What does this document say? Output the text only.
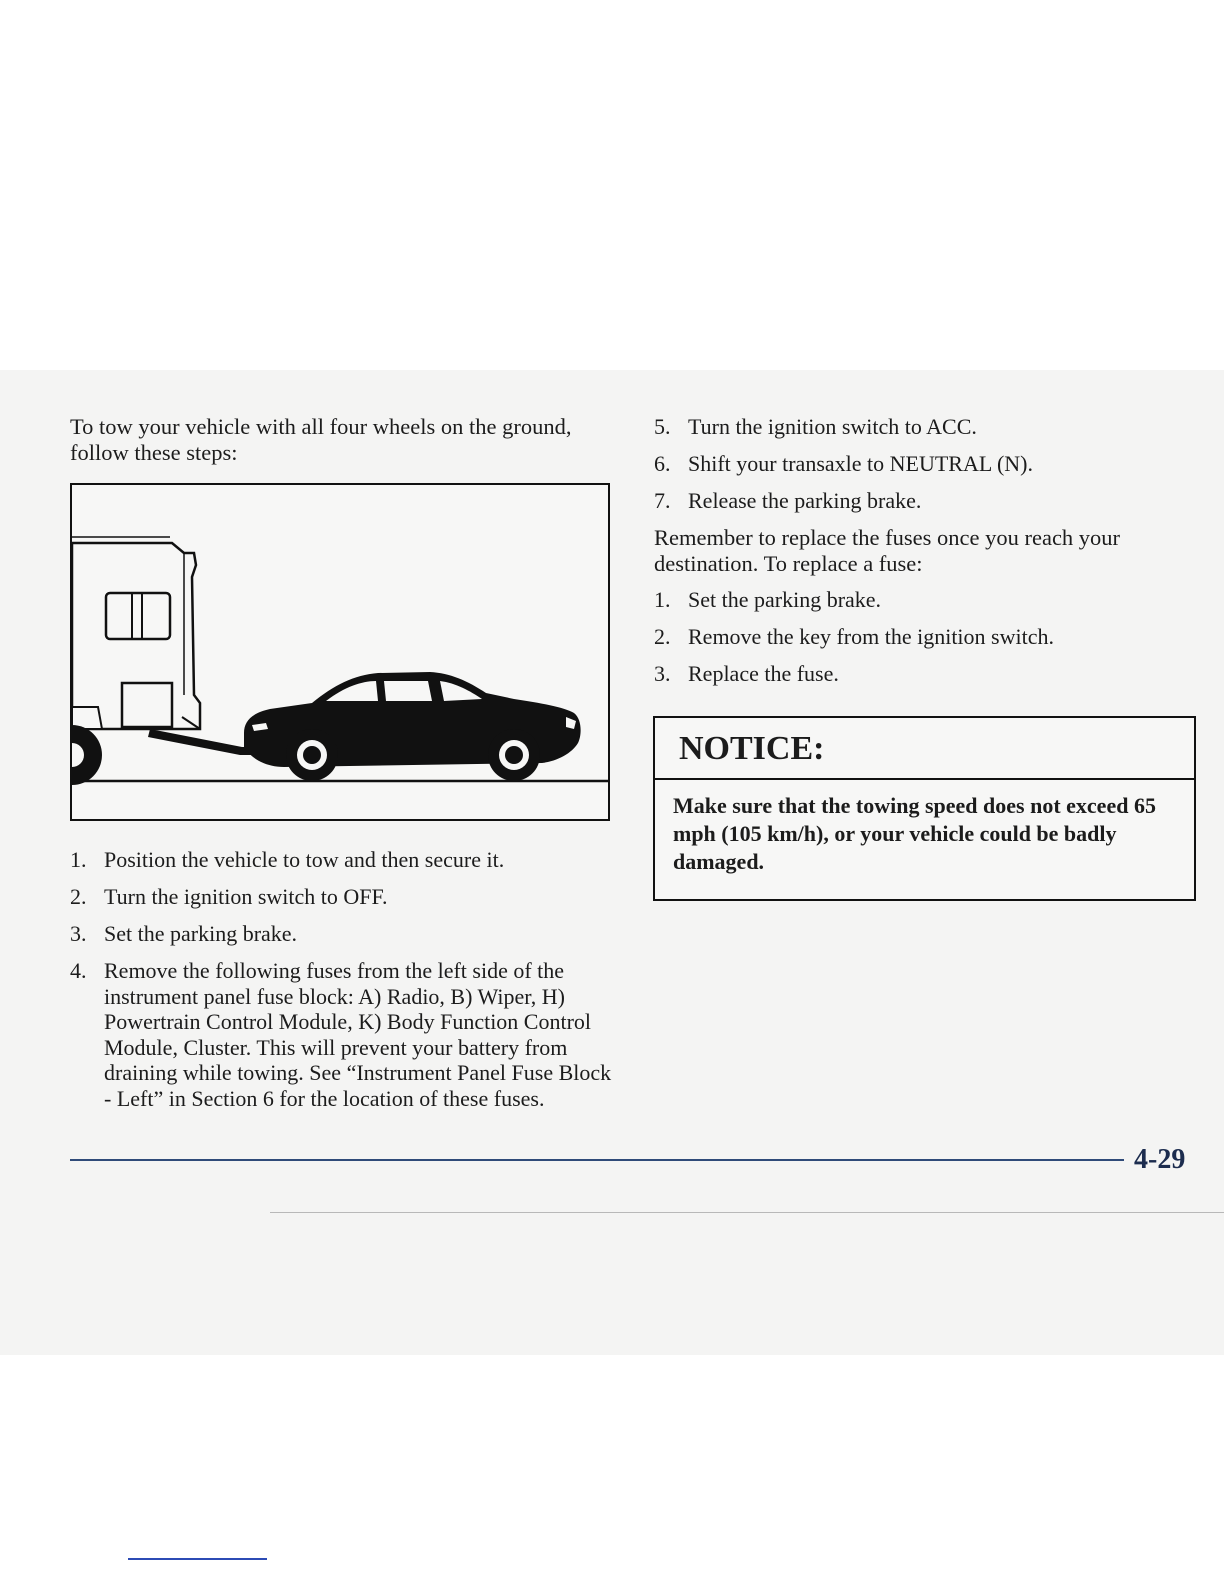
To tow your vehicle with all four wheels on the ground, follow these steps:

1. Position the vehicle to tow and then secure it.
2. Turn the ignition switch to OFF.
3. Set the parking brake.
4. Remove the following fuses from the left side of the instrument panel fuse block: A) Radio, B) Wiper, H) Powertrain Control Module, K) Body Function Control Module, Cluster. This will prevent your battery from draining while towing. See “Instrument Panel Fuse Block - Left” in Section 6 for the location of these fuses.
5. Turn the ignition switch to ACC.
6. Shift your transaxle to NEUTRAL (N).
7. Release the parking brake.

Remember to replace the fuses once you reach your destination. To replace a fuse:

1. Set the parking brake.
2. Remove the key from the ignition switch.
3. Replace the fuse.
NOTICE:
Make sure that the towing speed does not exceed 65 mph (105 km/h), or your vehicle could be badly damaged.
4-29
